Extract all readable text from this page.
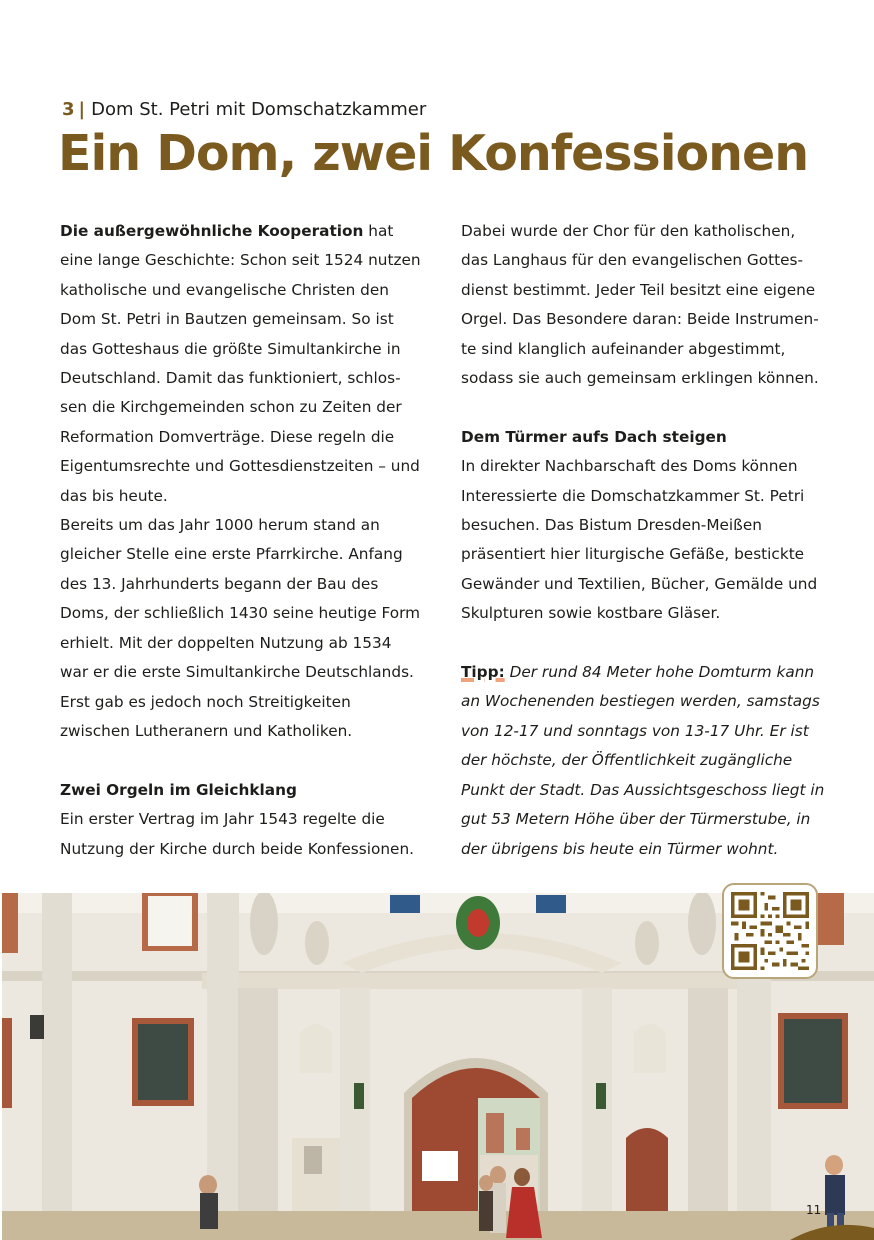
3 | Dom St. Petri mit Domschatzkammer
Ein Dom, zwei Konfessionen

Die außergewöhnliche Kooperation hat eine lange Geschichte: Schon seit 1524 nutzen katholische und evangelische Christen den Dom St. Petri in Bautzen gemeinsam. So ist das Gotteshaus die größte Simultankirche in Deutschland. Damit das funktioniert, schlossen die Kirchgemeinden schon zu Zeiten der Reformation Domverträge. Diese regeln die Eigentumsrechte und Gottesdienstzeiten – und das bis heute.

Bereits um das Jahr 1000 herum stand an gleicher Stelle eine erste Pfarrkirche. Anfang des 13. Jahrhunderts begann der Bau des Doms, der schließlich 1430 seine heutige Form erhielt. Mit der doppelten Nutzung ab 1534 war er die erste Simultankirche Deutschlands. Erst gab es jedoch noch Streitigkeiten zwischen Lutheranern und Katholiken.

Zwei Orgeln im Gleichklang

Ein erster Vertrag im Jahr 1543 regelte die Nutzung der Kirche durch beide Konfessionen.

Dabei wurde der Chor für den katholischen, das Langhaus für den evangelischen Gottesdienst bestimmt. Jeder Teil besitzt eine eigene Orgel. Das Besondere daran: Beide Instrumente sind klanglich aufeinander abgestimmt, sodass sie auch gemeinsam erklingen können.

Dem Türmer aufs Dach steigen

In direkter Nachbarschaft des Doms können Interessierte die Domschatzkammer St. Petri besuchen. Das Bistum Dresden-Meißen präsentiert hier liturgische Gefäße, bestickte Gewänder und Textilien, Bücher, Gemälde und Skulpturen sowie kostbare Gläser.

Tipp: Der rund 84 Meter hohe Domturm kann an Wochenenden bestiegen werden, samstags von 12-17 und sonntags von 13-17 Uhr. Er ist der höchste, der Öffentlichkeit zugängliche Punkt der Stadt. Das Aussichtsgeschoss liegt in gut 53 Metern Höhe über der Türmerstube, in der übrigens bis heute ein Türmer wohnt.

11
